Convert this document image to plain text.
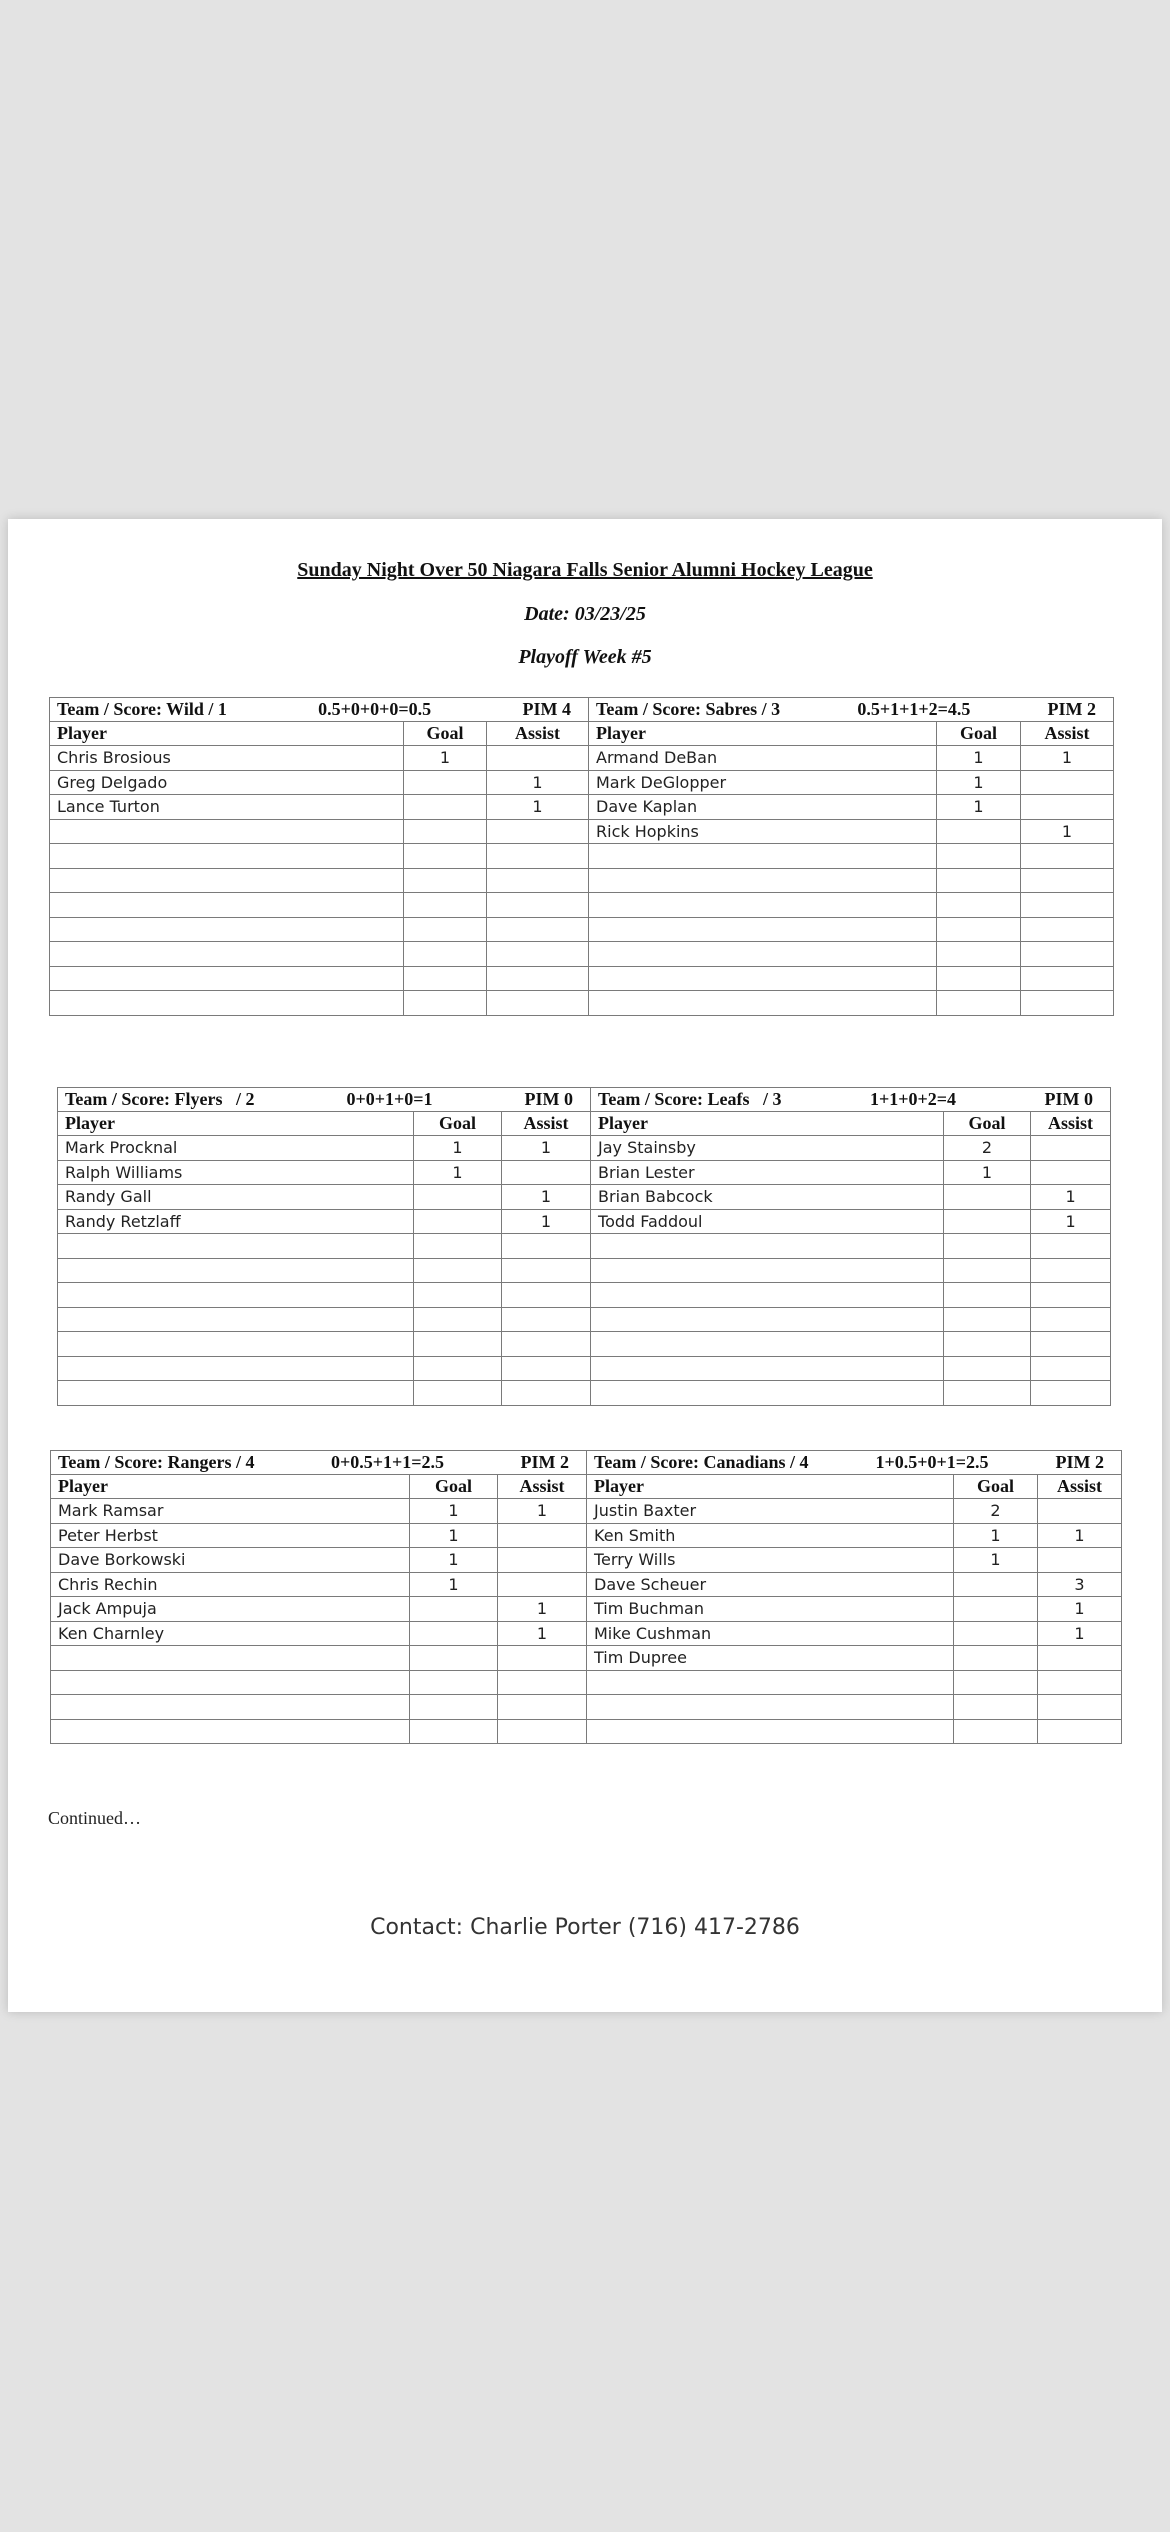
Sunday Night Over 50 Niagara Falls Senior Alumni Hockey League
Date: 03/23/25
Playoff Week #5
Team / Score: Wild / 1 0.5+0+0+0=0.5 PIM 4			Team / Score: Sabres / 3 0.5+1+1+2=4.5 PIM 2		

Player	Goal	Assist	Player	Goal	Assist
Chris Brosious	1		Armand DeBan	1	1
Greg Delgado		1	Mark DeGlopper	1	
Lance Turton		1	Dave Kaplan	1	
			Rick Hopkins		1

Team / Score: Flyers   / 2 0+0+1+0=1 PIM 0			Team / Score: Leafs   / 3 1+1+0+2=4 PIM 0		

Player	Goal	Assist	Player	Goal	Assist
Mark Procknal	1	1	Jay Stainsby	2	
Ralph Williams	1		Brian Lester	1	
Randy Gall		1	Brian Babcock		1
Randy Retzlaff		1	Todd Faddoul		1

Team / Score: Rangers / 4 0+0.5+1+1=2.5 PIM 2			Team / Score: Canadians / 4 1+0.5+0+1=2.5 PIM 2		

Player	Goal	Assist	Player	Goal	Assist
Mark Ramsar	1	1	Justin Baxter	2	
Peter Herbst	1		Ken Smith	1	1
Dave Borkowski	1		Terry Wills	1	
Chris Rechin	1		Dave Scheuer		3
Jack Ampuja		1	Tim Buchman		1
Ken Charnley		1	Mike Cushman		1
			Tim Dupree		

Continued…
Contact: Charlie Porter (716) 417-2786
